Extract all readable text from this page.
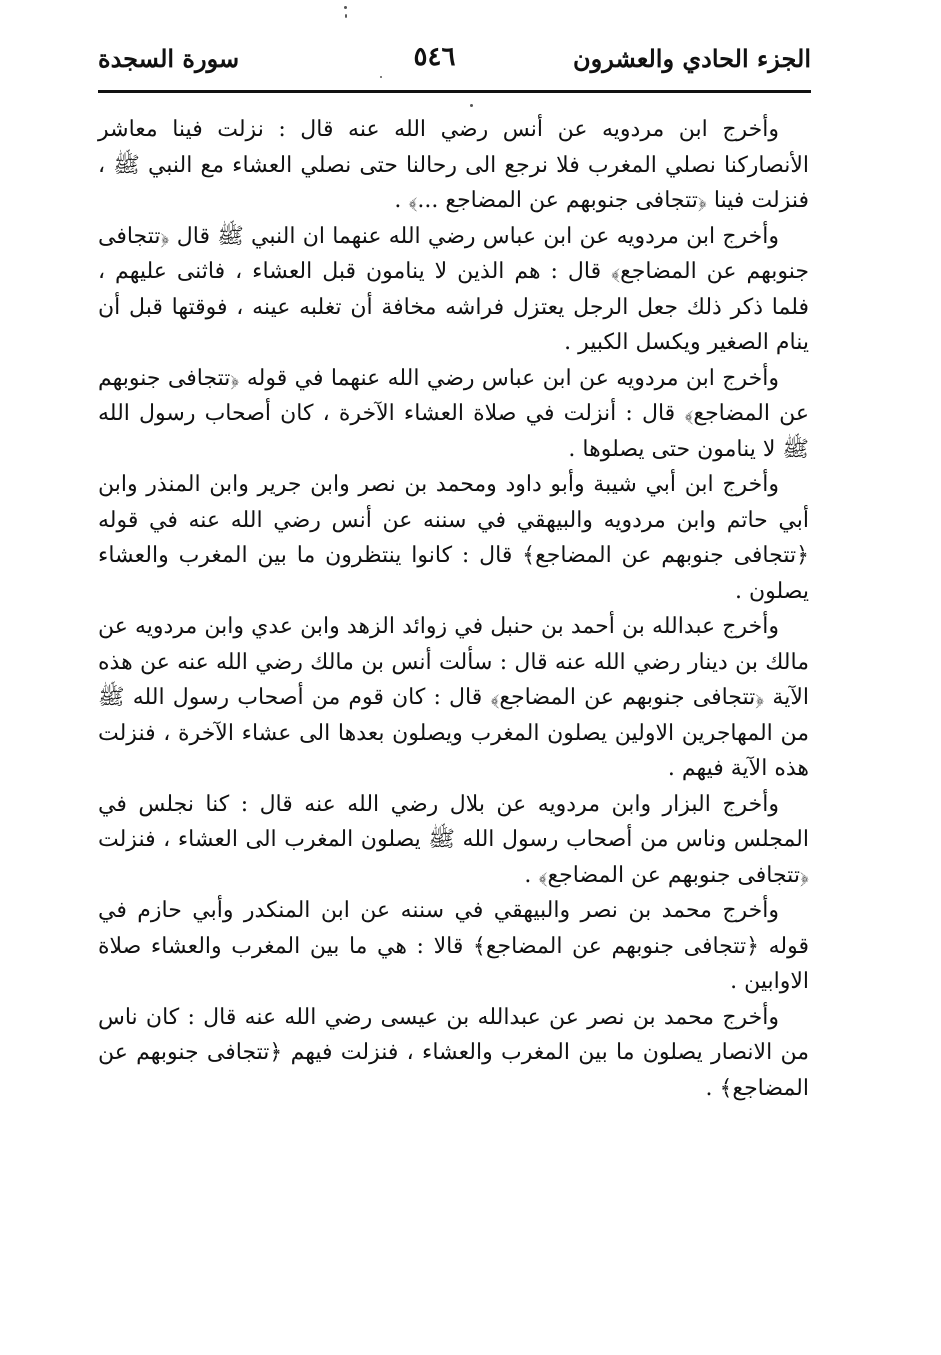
الجزء الحادي والعشرون
٥٤٦
سورة السجدة

وأخرج ابن مردويه عن أنس رضي الله عنه قال : نزلت فينا معاشر الأنصاركنا نصلي المغرب فلا نرجع الى رحالنا حتى نصلي العشاء مع النبي ﷺ ، فنزلت فينا ﴿تتجافى جنوبهم عن المضاجع ...﴾ .

وأخرج ابن مردويه عن ابن عباس رضي الله عنهما ان النبي ﷺ قال ﴿تتجافى جنوبهم عن المضاجع﴾ قال : هم الذين لا ينامون قبل العشاء ، فاثنى عليهم ، فلما ذكر ذلك جعل الرجل يعتزل فراشه مخافة أن تغلبه عينه ، فوقتها قبل أن ينام الصغير ويكسل الكبير .

وأخرج ابن مردويه عن ابن عباس رضي الله عنهما في قوله ﴿تتجافى جنوبهم عن المضاجع﴾ قال : أنزلت في صلاة العشاء الآخرة ، كان أصحاب رسول الله ﷺ لا ينامون حتى يصلوها .

وأخرج ابن أبي شيبة وأبو داود ومحمد بن نصر وابن جرير وابن المنذر وابن أبي حاتم وابن مردويه والبيهقي في سننه عن أنس رضي الله عنه في قوله ﴿تتجافى جنوبهم عن المضاجع﴾ قال : كانوا ينتظرون ما بين المغرب والعشاء يصلون .

وأخرج عبدالله بن أحمد بن حنبل في زوائد الزهد وابن عدي وابن مردويه عن مالك بن دينار رضي الله عنه قال : سألت أنس بن مالك رضي الله عنه عن هذه الآية ﴿تتجافى جنوبهم عن المضاجع﴾ قال : كان قوم من أصحاب رسول الله ﷺ من المهاجرين الاولين يصلون المغرب ويصلون بعدها الى عشاء الآخرة ، فنزلت هذه الآية فيهم .

وأخرج البزار وابن مردويه عن بلال رضي الله عنه قال : كنا نجلس في المجلس وناس من أصحاب رسول الله ﷺ يصلون المغرب الى العشاء ، فنزلت ﴿تتجافى جنوبهم عن المضاجع﴾ .

وأخرج محمد بن نصر والبيهقي في سننه عن ابن المنكدر وأبي حازم في قوله ﴿تتجافى جنوبهم عن المضاجع﴾ قالا : هي ما بين المغرب والعشاء صلاة الاوابين .

وأخرج محمد بن نصر عن عبدالله بن عيسى رضي الله عنه قال : كان ناس من الانصار يصلون ما بين المغرب والعشاء ، فنزلت فيهم ﴿تتجافى جنوبهم عن المضاجع﴾ .
